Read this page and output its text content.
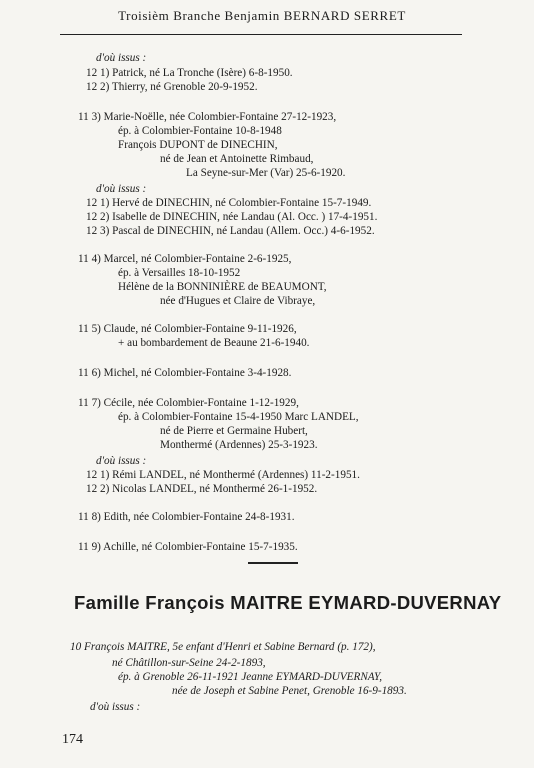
Troisièm Branche Benjamin BERNARD SERRET
d'où issus :
12 1) Patrick, né La Tronche (Isère) 6-8-1950.
12 2) Thierry, né Grenoble 20-9-1952.
11 3) Marie-Noëlle, née Colombier-Fontaine 27-12-1923,
ép. à Colombier-Fontaine 10-8-1948
François DUPONT de DINECHIN,
né de Jean et Antoinette Rimbaud,
La Seyne-sur-Mer (Var) 25-6-1920.
d'où issus :
12 1) Hervé de DINECHIN, né Colombier-Fontaine 15-7-1949.
12 2) Isabelle de DINECHIN, née Landau (Al. Occ. ) 17-4-1951.
12 3) Pascal de DINECHIN, né Landau (Allem. Occ.) 4-6-1952.
11 4) Marcel, né Colombier-Fontaine 2-6-1925,
ép. à Versailles 18-10-1952
Hélène de la BONNINIÈRE de BEAUMONT,
née d'Hugues et Claire de Vibraye,
11 5) Claude, né Colombier-Fontaine 9-11-1926,
+ au bombardement de Beaune 21-6-1940.
11 6) Michel, né Colombier-Fontaine 3-4-1928.
11 7) Cécile, née Colombier-Fontaine 1-12-1929,
ép. à Colombier-Fontaine 15-4-1950 Marc LANDEL,
né de Pierre et Germaine Hubert,
Monthermé (Ardennes) 25-3-1923.
d'où issus :
12 1) Rémi LANDEL, né Monthermé (Ardennes) 11-2-1951.
12 2) Nicolas LANDEL, né Monthermé 26-1-1952.
11 8) Edith, née Colombier-Fontaine 24-8-1931.
11 9) Achille, né Colombier-Fontaine 15-7-1935.
Famille François MAITRE EYMARD-DUVERNAY
10 François MAITRE, 5e enfant d'Henri et Sabine Bernard (p. 172),
né Châtillon-sur-Seine 24-2-1893,
ép. à Grenoble 26-11-1921 Jeanne EYMARD-DUVERNAY,
née de Joseph et Sabine Penet, Grenoble 16-9-1893.
d'où issus :
174
